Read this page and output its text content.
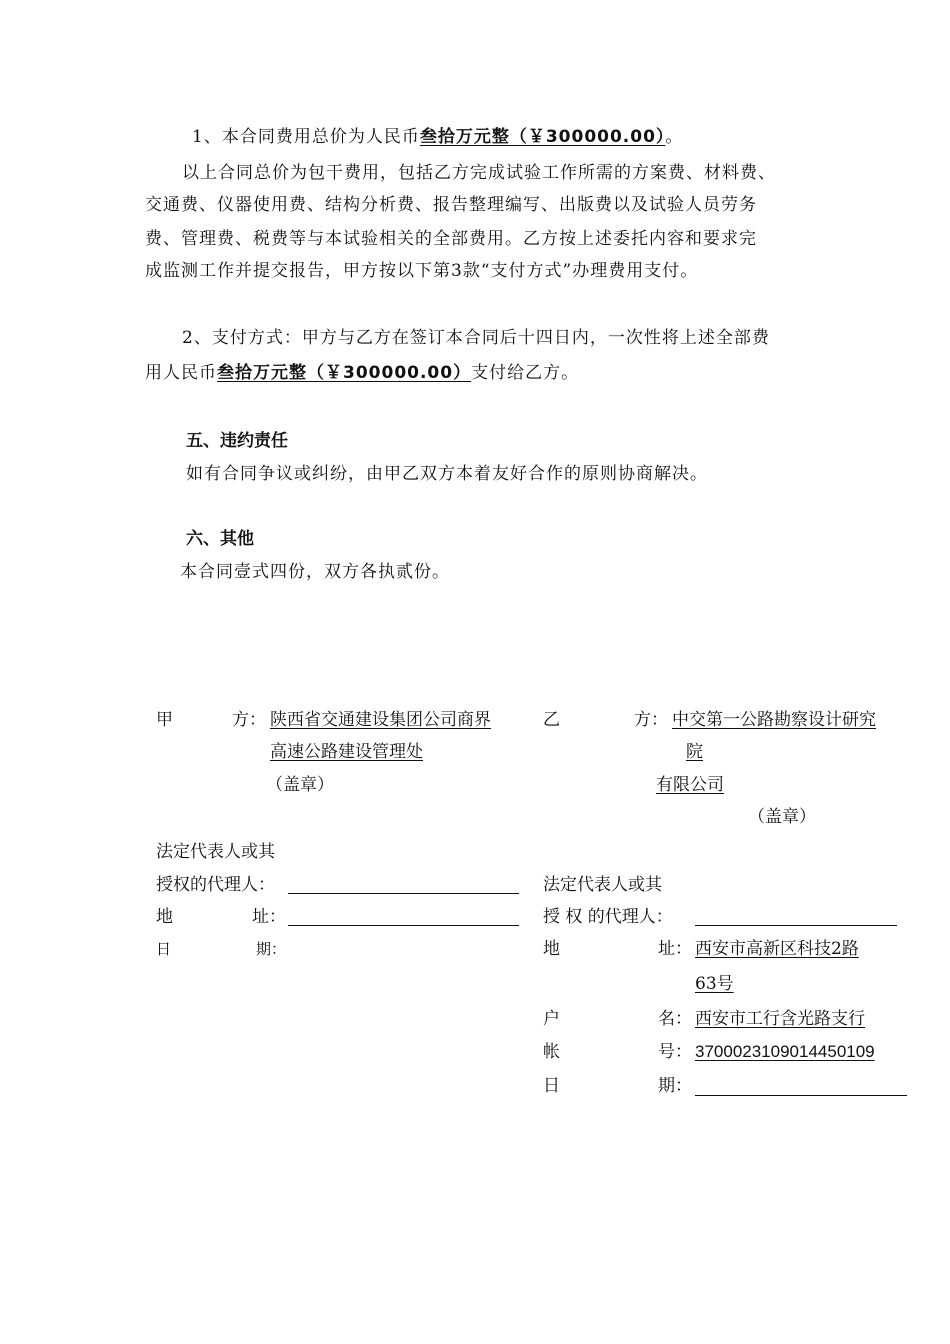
1、本合同费用总价为人民币叁拾万元整（￥300000.00）。
以上合同总价为包干费用，包括乙方完成试验工作所需的方案费、材料费、
交通费、仪器使用费、结构分析费、报告整理编写、出版费以及试验人员劳务
费、管理费、税费等与本试验相关的全部费用。乙方按上述委托内容和要求完
成监测工作并提交报告，甲方按以下第3款“支付方式”办理费用支付。
2、支付方式：甲方与乙方在签订本合同后十四日内，一次性将上述全部费
用人民币叁拾万元整（￥300000.00）支付给乙方。
五、违约责任
如有合同争议或纠纷，由甲乙双方本着友好合作的原则协商解决。
六、其他
本合同壹式四份，双方各执贰份。
甲	方： 陕西省交通建设集团公司商界
高速公路建设管理处
（盖章）
法定代表人或其
授权的代理人：
地	址：
日	期：
乙	方： 中交第一公路勘察设计研究
院
有限公司
（盖章）
法定代表人或其
授 权 的代理人：
地	址： 西安市高新区科技2路
63号
户	名： 西安市工行含光路支行
帐	号： 3700023109014450109
日	期：
